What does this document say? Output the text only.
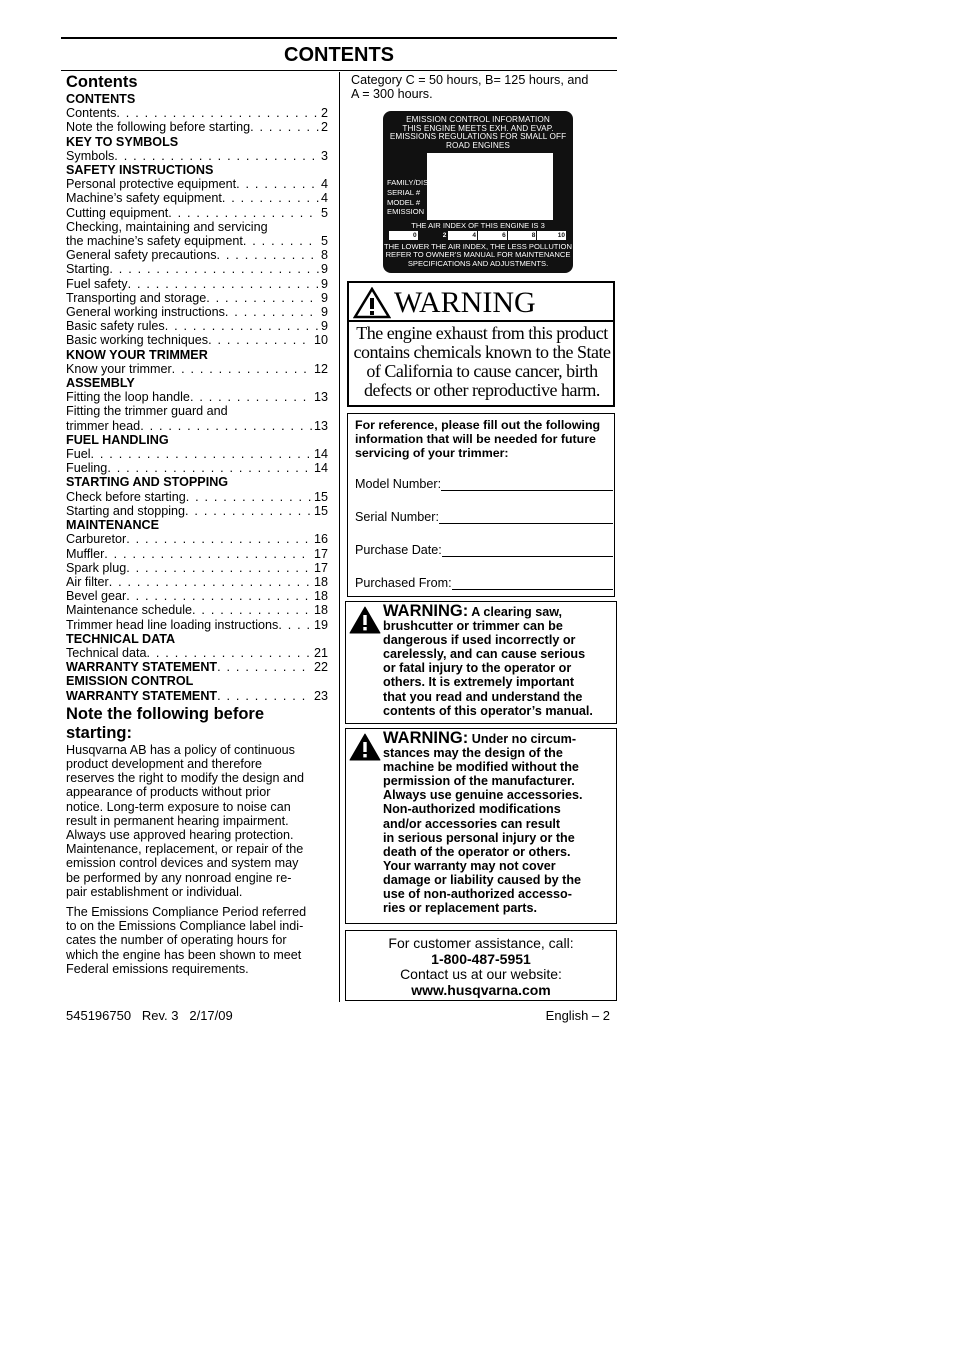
CONTENTS
Contents
CONTENTS
Contents . . .	2
Note the following before starting . . .	2
KEY TO SYMBOLS
Symbols . . .	3
SAFETY INSTRUCTIONS
Personal protective equipment . . .	4
Machine’s safety equipment . . .	4
Cutting equipment . . .	5
Checking, maintaining and servicing
the machine’s safety equipment . . .	5
General safety precautions . . .	8
Starting . . .	9
Fuel safety . . .	9
Transporting and storage . . .	9
General working instructions . . .	9
Basic safety rules . . .	9
Basic working techniques . . .	10
KNOW YOUR TRIMMER
Know your trimmer . . .	12
ASSEMBLY
Fitting the loop handle . . .	13
Fitting the trimmer guard and
trimmer head . . .	13
FUEL HANDLING
Fuel . . .	14
Fueling . . .	14
STARTING AND STOPPING
Check before starting . . .	15
Starting and stopping . . .	15
MAINTENANCE
Carburetor . . .	16
Muffler . . .	17
Spark plug . . .	17
Air filter . . .	18
Bevel gear . . .	18
Maintenance schedule . . .	18
Trimmer head line loading instructions . . .	19
TECHNICAL DATA
Technical data . . .	21
WARRANTY STATEMENT . . .	22
EMISSION CONTROL
WARRANTY STATEMENT . . .	23
Note the following before
starting:
Husqvarna AB has a policy of continuous
product development and therefore
reserves the right to modify the design and
appearance of products without prior
notice. Long-term exposure to noise can
result in permanent hearing impairment.
Always use approved hearing protection.
Maintenance, replacement, or repair of the
emission control devices and system may
be performed by any nonroad engine re-
pair establishment or individual.
The Emissions Compliance Period referred
to on the Emissions Compliance label indi-
cates the number of operating hours for
which the engine has been shown to meet
Federal emissions requirements.
Category C = 50 hours, B= 125 hours, and
A = 300 hours.
EMISSION CONTROL INFORMATION
THIS ENGINE MEETS EXH. AND EVAP.
EMISSIONS REGULATIONS FOR SMALL OFF
ROAD ENGINES
FAMILY/DISP.
SERIAL #
MODEL #
EMISSION
THE AIR INDEX OF THIS ENGINE IS 3
0	2	4	6	8	10
THE LOWER THE AIR INDEX, THE LESS POLLUTION
REFER TO OWNER'S MANUAL FOR MAINTENANCE
SPECIFICATIONS AND ADJUSTMENTS.
WARNING
The engine exhaust from this product
contains chemicals known to the State
of California to cause cancer, birth
defects or other reproductive harm.
For reference, please fill out the following
information that will be needed for future
servicing of your trimmer:
Model Number:
Serial Number:
Purchase Date:
Purchased From:
WARNING: A clearing saw,
brushcutter or trimmer can be
dangerous if used incorrectly or
carelessly, and can cause serious
or fatal injury to the operator or
others. It is extremely important
that you read and understand the
contents of this operator’s manual.
WARNING: Under no circum-
stances may the design of the
machine be modified without the
permission of the manufacturer.
Always use genuine accessories.
Non-authorized modifications
and/or accessories can result
in serious personal injury or the
death of the operator or others.
Your warranty may not cover
damage or liability caused by the
use of non-authorized accesso-
ries or replacement parts.
For customer assistance, call:
1-800-487-5951
Contact us at our website:
www.husqvarna.com
545196750   Rev. 3   2/17/09	English – 2
